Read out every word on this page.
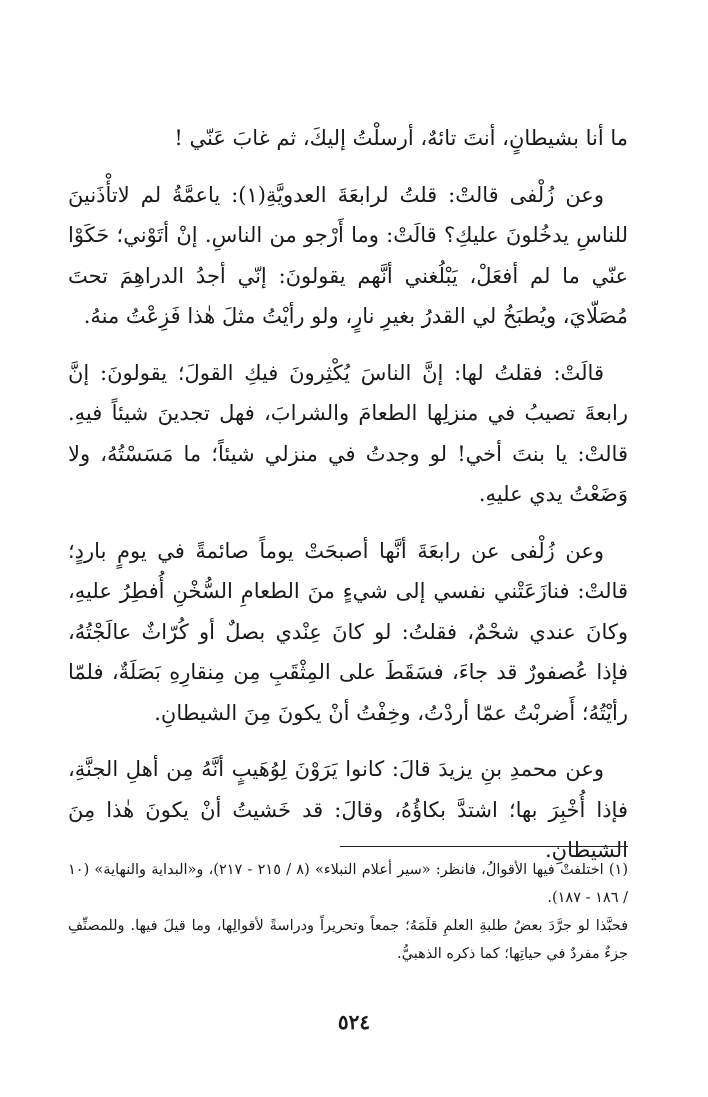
ما أنا بشيطانٍ، أنتَ تائهٌ، أرسلْتُ إليكَ، ثم غابَ عَنّي !

وعن زُلْفى قالتْ: قلتُ لرابعَةَ العدويَّةِ(١): ياعمَّةُ لم لاتأْذَنينَ للناسِ يدخُلونَ عليكِ؟ قالَتْ: وما أَرْجو من الناسِ. إنْ أتَوْني؛ حَكَوْا عنّي ما لم أفعَلْ، يَبْلُغني أنَّهم يقولونَ: إنّي أجدُ الدراهِمَ تحتَ مُصَلّايَ، ويُطبَخُ لي القدرُ بغيرِ نارٍ، ولو رأيْتُ مثلَ هٰذا فَزِعْتُ منهُ.

قالَتْ: فقلتُ لها: إنَّ الناسَ يُكْثِرونَ فيكِ القولَ؛ يقولونَ: إنَّ رابعةَ تصيبُ في منزلِها الطعامَ والشرابَ، فهل تجدينَ شيئاً فيهِ. قالتْ: يا بنتَ أخي! لو وجدتُ في منزلي شيئاً؛ ما مَسَسْتُهُ، ولا وَضَعْتُ يدي عليهِ.

وعن زُلْفى عن رابعَةَ أنَّها أصبحَتْ يوماً صائمةً في يومٍ باردٍ؛ قالتْ: فنازَعَتْني نفسي إلى شيءٍ منَ الطعامِ السُّخْنِ أُفطِرُ عليهِ، وكانَ عندي شحْمٌ، فقلتُ: لو كانَ عِنْدي بصلٌ أو كُرّاثٌ عالَجْتُهُ، فإذا عُصفورٌ قد جاءَ، فسَقَطَ على المِثْقَبِ مِن مِنقارِهِ بَصَلَةٌ، فلمّا رأيْتُهُ؛ أَضربْتُ عمّا أردْتُ، وخِفْتُ أنْ يكونَ مِنَ الشيطانِ.

وعن محمدِ بنِ يزيدَ قالَ: كانوا يَرَوْنَ لِوُهَيبٍ أنَّهُ مِن أهلِ الجنَّةِ، فإذا أُخْبِرَ بها؛ اشتدَّ بكاؤُهُ، وقالَ: قد خَشيتُ أنْ يكونَ هٰذا مِنَ الشيطانِ.

(١) اختلفتْ فيها الأقوالُ، فانظر: «سير أعلام النبلاء» (٨ / ٢١٥ - ٢١٧)، و«البداية والنهاية» (١٠ / ١٨٦ - ١٨٧).

فحبَّذا لو جرَّدَ بعضُ طلبةِ العلمِ قلَمَهُ؛ جمعاً وتحريراً ودراسةً لأقوالِها، وما قيلَ فيها. وللمصنِّفِ جزءٌ مفردٌ في حياتِها؛ كما ذكره الذهبيُّ.

٥٢٤
